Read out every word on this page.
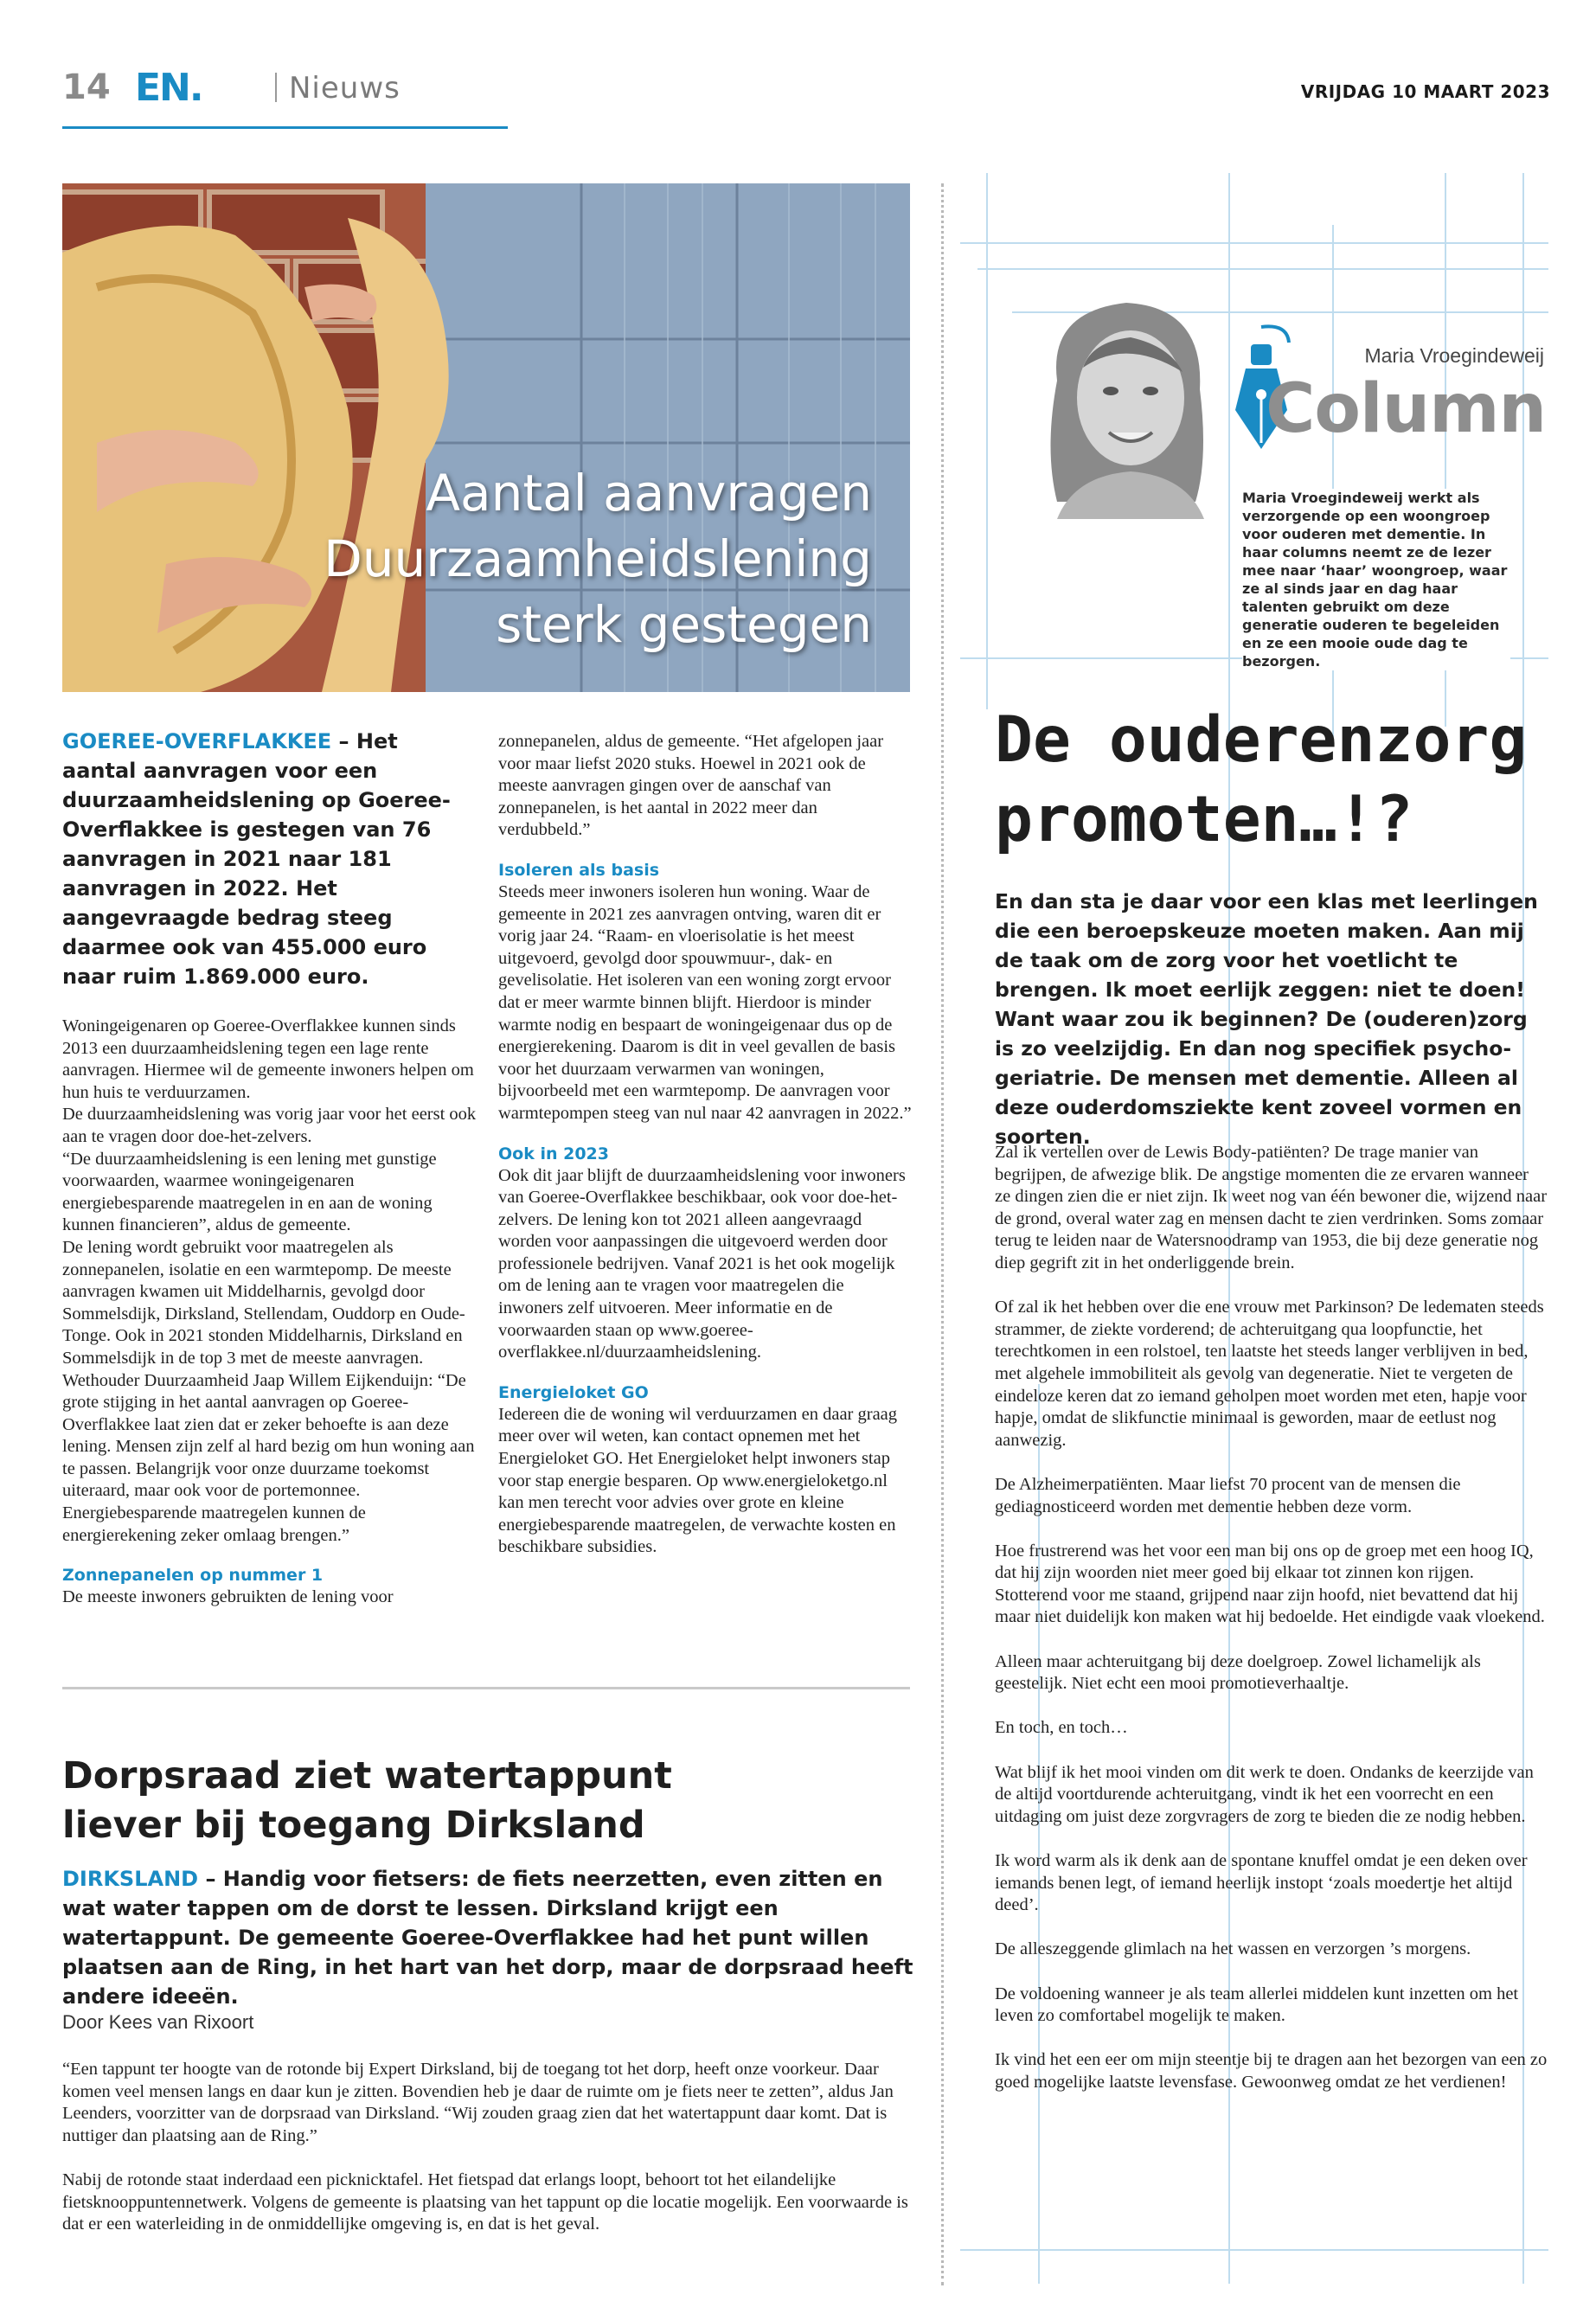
14 EN.	Nieuws	VRIJDAG 10 MAART 2023
Aantal aanvragen
Duurzaamheidslening
sterk gestegen
GOEREE-OVERFLAKKEE – Het aantal aanvragen voor een duurzaamheidslening op Goeree-Overflakkee is gestegen van 76 aanvragen in 2021 naar 181 aanvragen in 2022. Het aangevraagde bedrag steeg daarmee ook van 455.000 euro naar ruim 1.869.000 euro.

Woningeigenaren op Goeree-Overflakkee kunnen sinds 2013 een duurzaamheidslening tegen een lage rente aanvragen. Hiermee wil de gemeente inwoners helpen om hun huis te verduurzamen.

De duurzaamheidslening was vorig jaar voor het eerst ook aan te vragen door doe-het-zelvers.

“De duurzaamheidslening is een lening met gunstige voorwaarden, waarmee woningeigenaren energiebesparende maatregelen in en aan de woning kunnen financieren”, aldus de gemeente.

De lening wordt gebruikt voor maatregelen als zonnepanelen, isolatie en een warmtepomp. De meeste aanvragen kwamen uit Middelharnis, gevolgd door Sommelsdijk, Dirksland, Stellendam, Ouddorp en Oude-Tonge. Ook in 2021 stonden Middelharnis, Dirksland en Sommelsdijk in de top 3 met de meeste aanvragen.

Wethouder Duurzaamheid Jaap Willem Eijkenduijn: “De grote stijging in het aantal aanvragen op Goeree-Overflakkee laat zien dat er zeker behoefte is aan deze lening. Mensen zijn zelf al hard bezig om hun woning aan te passen. Belangrijk voor onze duurzame toekomst uiteraard, maar ook voor de portemonnee. Energiebesparende maatregelen kunnen de energierekening zeker omlaag brengen.”

Zonnepanelen op nummer 1

De meeste inwoners gebruikten de lening voor

zonnepanelen, aldus de gemeente. “Het afgelopen jaar voor maar liefst 2020 stuks. Hoewel in 2021 ook de meeste aanvragen gingen over de aanschaf van zonnepanelen, is het aantal in 2022 meer dan verdubbeld.”

Isoleren als basis

Steeds meer inwoners isoleren hun woning. Waar de gemeente in 2021 zes aanvragen ontving, waren dit er vorig jaar 24. “Raam- en vloerisolatie is het meest uitgevoerd, gevolgd door spouwmuur-, dak- en gevelisolatie. Het isoleren van een woning zorgt ervoor dat er meer warmte binnen blijft. Hierdoor is minder warmte nodig en bespaart de woningeigenaar dus op de energierekening. Daarom is dit in veel gevallen de basis voor het duurzaam verwarmen van woningen, bijvoorbeeld met een warmtepomp. De aanvragen voor warmtepompen steeg van nul naar 42 aanvragen in 2022.”

Ook in 2023

Ook dit jaar blijft de duurzaamheidslening voor inwoners van Goeree-Overflakkee beschikbaar, ook voor doe-het-zelvers. De lening kon tot 2021 alleen aangevraagd worden voor aanpassingen die uitgevoerd werden door professionele bedrijven. Vanaf 2021 is het ook mogelijk om de lening aan te vragen voor maatregelen die inwoners zelf uitvoeren. Meer informatie en de voorwaarden staan op www.goeree-overflakkee.nl/duurzaamheidslening.

Energieloket GO

Iedereen die de woning wil verduurzamen en daar graag meer over wil weten, kan contact opnemen met het Energieloket GO. Het Energieloket helpt inwoners stap voor stap energie besparen. Op www.energieloketgo.nl kan men terecht voor advies over grote en kleine energiebesparende maatregelen, de verwachte kosten en beschikbare subsidies.

Dorpsraad ziet watertappunt
liever bij toegang Dirksland
DIRKSLAND – Handig voor fietsers: de fiets neerzetten, even zitten en wat water tappen om de dorst te lessen. Dirksland krijgt een watertappunt. De gemeente Goeree-Overflakkee had het punt willen plaatsen aan de Ring, in het hart van het dorp, maar de dorpsraad heeft andere ideeën.
Door Kees van Rixoort

“Een tappunt ter hoogte van de rotonde bij Expert Dirksland, bij de toegang tot het dorp, heeft onze voorkeur. Daar komen veel mensen langs en daar kun je zitten. Bovendien heb je daar de ruimte om je fiets neer te zetten”, aldus Jan Leenders, voorzitter van de dorpsraad van Dirksland. “Wij zouden graag zien dat het watertappunt daar komt. Dat is nuttiger dan plaatsing aan de Ring.”

Nabij de rotonde staat inderdaad een picknicktafel. Het fietspad dat erlangs loopt, behoort tot het eilandelijke fietsknooppuntennetwerk. Volgens de gemeente is plaatsing van het tappunt op die locatie mogelijk. Een voorwaarde is dat er een waterleiding in de onmiddellijke omgeving is, en dat is het geval.

Maria Vroegindeweij
Column
Maria Vroegindeweij werkt als verzorgende op een woongroep voor ouderen met dementie. In haar columns neemt ze de lezer mee naar ‘haar’ woongroep, waar ze al sinds jaar en dag haar talenten gebruikt om deze generatie ouderen te begeleiden en ze een mooie oude dag te bezorgen.
De ouderenzorg
promoten…!?
En dan sta je daar voor een klas met leerlingen die een beroepskeuze moeten maken. Aan mij de taak om de zorg voor het voetlicht te brengen. Ik moet eerlijk zeggen: niet te doen! Want waar zou ik beginnen? De (ouderen)zorg is zo veelzijdig. En dan nog specifiek psycho-geriatrie. De mensen met dementie. Alleen al deze ouderdomsziekte kent zoveel vormen en soorten.

Zal ik vertellen over de Lewis Body-patiënten? De trage manier van begrijpen, de afwezige blik. De angstige momenten die ze ervaren wanneer ze dingen zien die er niet zijn. Ik weet nog van één bewoner die, wijzend naar de grond, overal water zag en mensen dacht te zien verdrinken. Soms zomaar terug te leiden naar de Watersnoodramp van 1953, die bij deze generatie nog diep gegrift zit in het onderliggende brein.

Of zal ik het hebben over die ene vrouw met Parkinson? De ledematen steeds strammer, de ziekte vorderend; de achteruitgang qua loopfunctie, het terechtkomen in een rolstoel, ten laatste het steeds langer verblijven in bed, met algehele immobiliteit als gevolg van degeneratie. Niet te vergeten de eindeloze keren dat zo iemand geholpen moet worden met eten, hapje voor hapje, omdat de slikfunctie minimaal is geworden, maar de eetlust nog aanwezig.

De Alzheimerpatiënten. Maar liefst 70 procent van de mensen die gediagnosticeerd worden met dementie hebben deze vorm.

Hoe frustrerend was het voor een man bij ons op de groep met een hoog IQ, dat hij zijn woorden niet meer goed bij elkaar tot zinnen kon rijgen. Stotterend voor me staand, grijpend naar zijn hoofd, niet bevattend dat hij maar niet duidelijk kon maken wat hij bedoelde. Het eindigde vaak vloekend.

Alleen maar achteruitgang bij deze doelgroep. Zowel lichamelijk als geestelijk. Niet echt een mooi promotieverhaaltje.

En toch, en toch…

Wat blijf ik het mooi vinden om dit werk te doen. Ondanks de keerzijde van de altijd voortdurende achteruitgang, vindt ik het een voorrecht en een uitdaging om juist deze zorgvragers de zorg te bieden die ze nodig hebben.

Ik word warm als ik denk aan de spontane knuffel omdat je een deken over iemands benen legt, of iemand heerlijk instopt ‘zoals moedertje het altijd deed’.

De alleszeggende glimlach na het wassen en verzorgen ’s morgens.

De voldoening wanneer je als team allerlei middelen kunt inzetten om het leven zo comfortabel mogelijk te maken.

Ik vind het een eer om mijn steentje bij te dragen aan het bezorgen van een zo goed mogelijke laatste levensfase. Gewoonweg omdat ze het verdienen!
